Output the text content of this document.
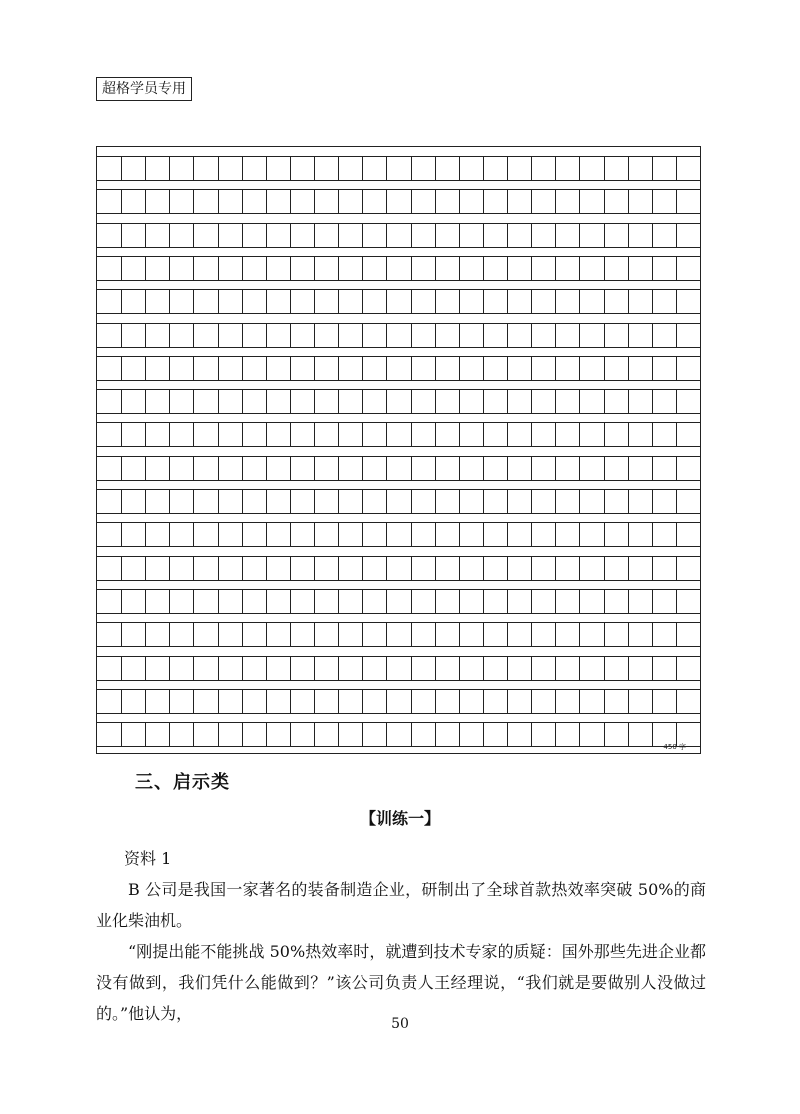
超格学员专用
450 字
三、启示类
【训练一】
资料 1

B 公司是我国一家著名的装备制造企业，研制出了全球首款热效率突破 50%的商业化柴油机。

“刚提出能不能挑战 50%热效率时，就遭到技术专家的质疑：国外那些先进企业都没有做到，我们凭什么能做到？”该公司负责人王经理说，“我们就是要做别人没做过的。”他认为，

50
